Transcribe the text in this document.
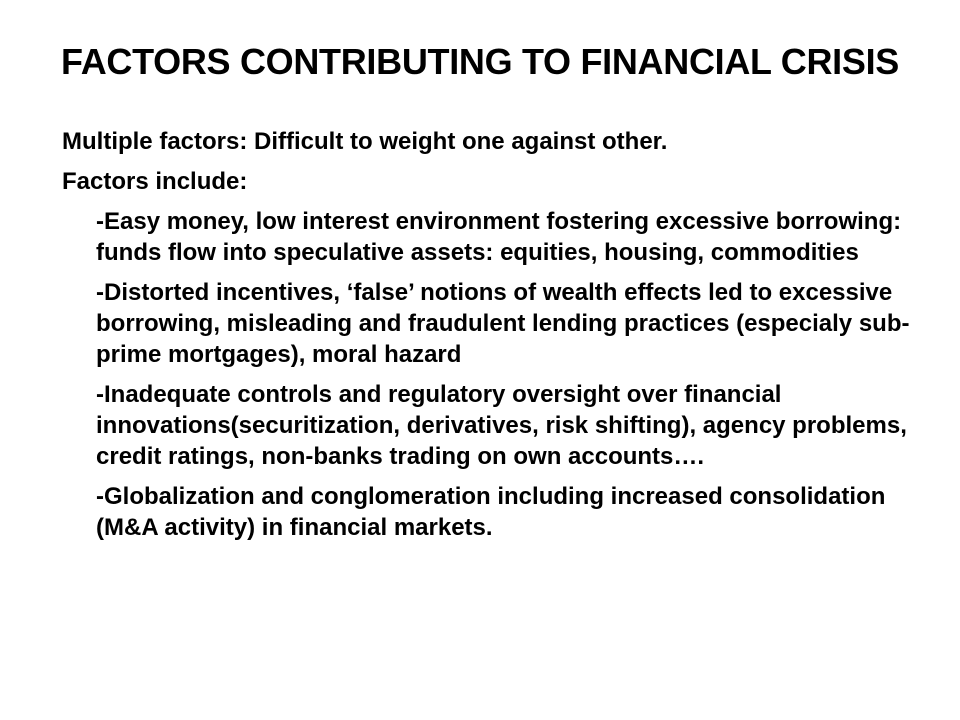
FACTORS CONTRIBUTING TO FINANCIAL CRISIS

Multiple factors: Difficult to weight one against other.

Factors include:

-Easy money, low interest environment fostering excessive borrowing: funds flow into speculative assets: equities, housing, commodities

-Distorted incentives, ‘false’ notions of wealth effects led to excessive borrowing, misleading and fraudulent lending practices (especialy sub-prime mortgages), moral hazard

-Inadequate controls and regulatory oversight over financial innovations(securitization, derivatives, risk shifting), agency problems, credit ratings, non-banks trading on own accounts….

-Globalization and conglomeration including increased consolidation (M&A activity) in financial markets.
